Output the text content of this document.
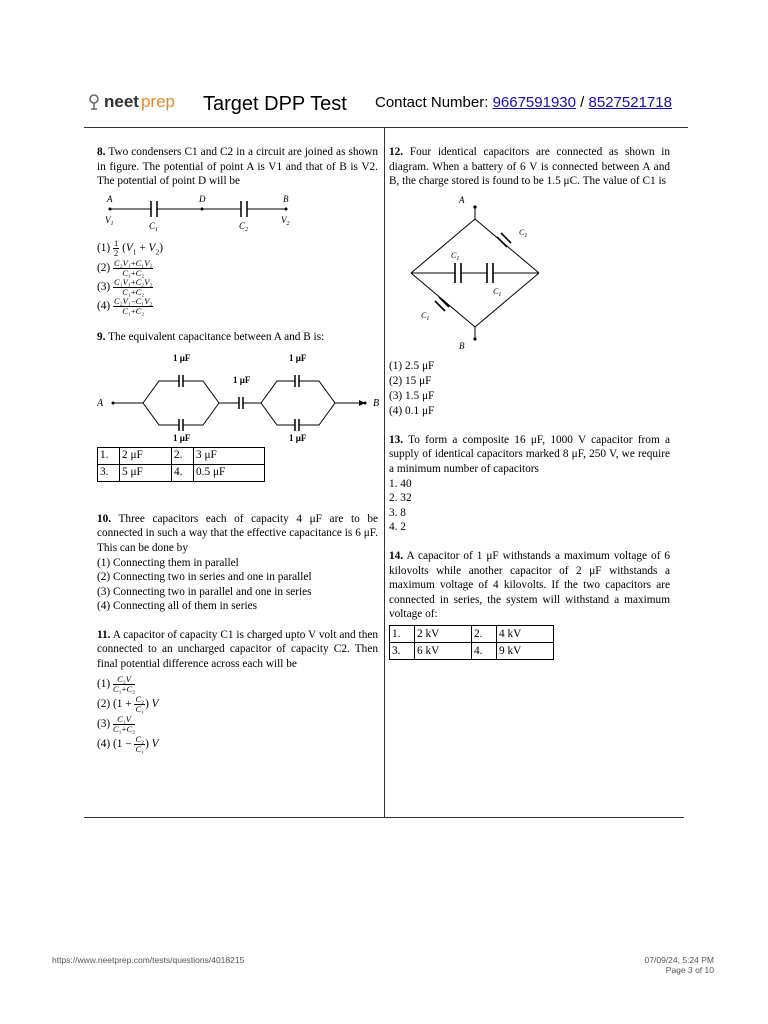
neet prep Target DPP Test Contact Number: 9667591930 / 8527521718

8. Two condensers C1 and C2 in a circuit are joined as shown in figure. The potential of point A is V1 and that of B is V2. The potential of point D will be

A	D	B
$V_1$	$C_1$	$C_2$
$V_2$
$(1) \frac{1}{2} (V_1 + V_2)$
$(2) \frac{\text{C₂V₁+C₁V₂}}{\text{C₁+C₂}}$
$(3) \frac{\text{C₁V₁+C₂V₂}}{\text{C₁+C₂}}$
$(4) \frac{\text{C₂V₁−C₁V₂}}{\text{C₁+C₂}}$

9. The equivalent capacitance between A and B is:

1 μF
1 μF
1 μF
1 μF
1 μF
A	B
1.	2 μF	2.	3 μF
3.	5 μF	4.	0.5 μF

10. Three capacitors each of capacity 4 μF are to be connected in such a way that the effective capacitance is 6 μF. This can be done by

(1) Connecting them in parallel
(2) Connecting two in series and one in parallel
(3) Connecting two in parallel and one in series
(4) Connecting all of them in series

11. A capacitor of capacity C1 is charged upto V volt and then connected to an uncharged capacitor of capacity C2. Then final potential difference across each will be

$(1) \frac{\text{C₂V}}{\text{C₁+C₂}}$
(2) ($1 + \frac{\text{C₂}}{\text{C₁}}$ ) V
$(3) \frac{\text{C₁V}}{\text{C₁+C₂}}$
(4) ($1 - \frac{\text{C₂}}{\text{C₁}}$ ) V

12. Four identical capacitors are connected as shown in diagram. When a battery of 6 V is connected between A and B, the charge stored is found to be 1.5 μC. The value of C1 is

A
B
$C_1$
$C_1$
$C_1$
$C_1$
(1) 2.5 μF
(2) 15 μF
(3) 1.5 μF
(4) 0.1 μF

13. To form a composite 16 μF, 1000 V capacitor from a supply of identical capacitors marked 8 μF, 250 V, we require a minimum number of capacitors

1. 40
2. 32
3. 8
4. 2

14. A capacitor of 1 μF withstands a maximum voltage of 6 kilovolts while another capacitor of 2 μF withstands a maximum voltage of 4 kilovolts. If the two capacitors are connected in series, the system will withstand a maximum voltage of:

1.	2 kV	2.	4 kV
3.	6 kV	4.	9 kV
https://www.neetprep.com/tests/questions/4018215	07/09/24, 5:24 PM
Page 3 of 10
